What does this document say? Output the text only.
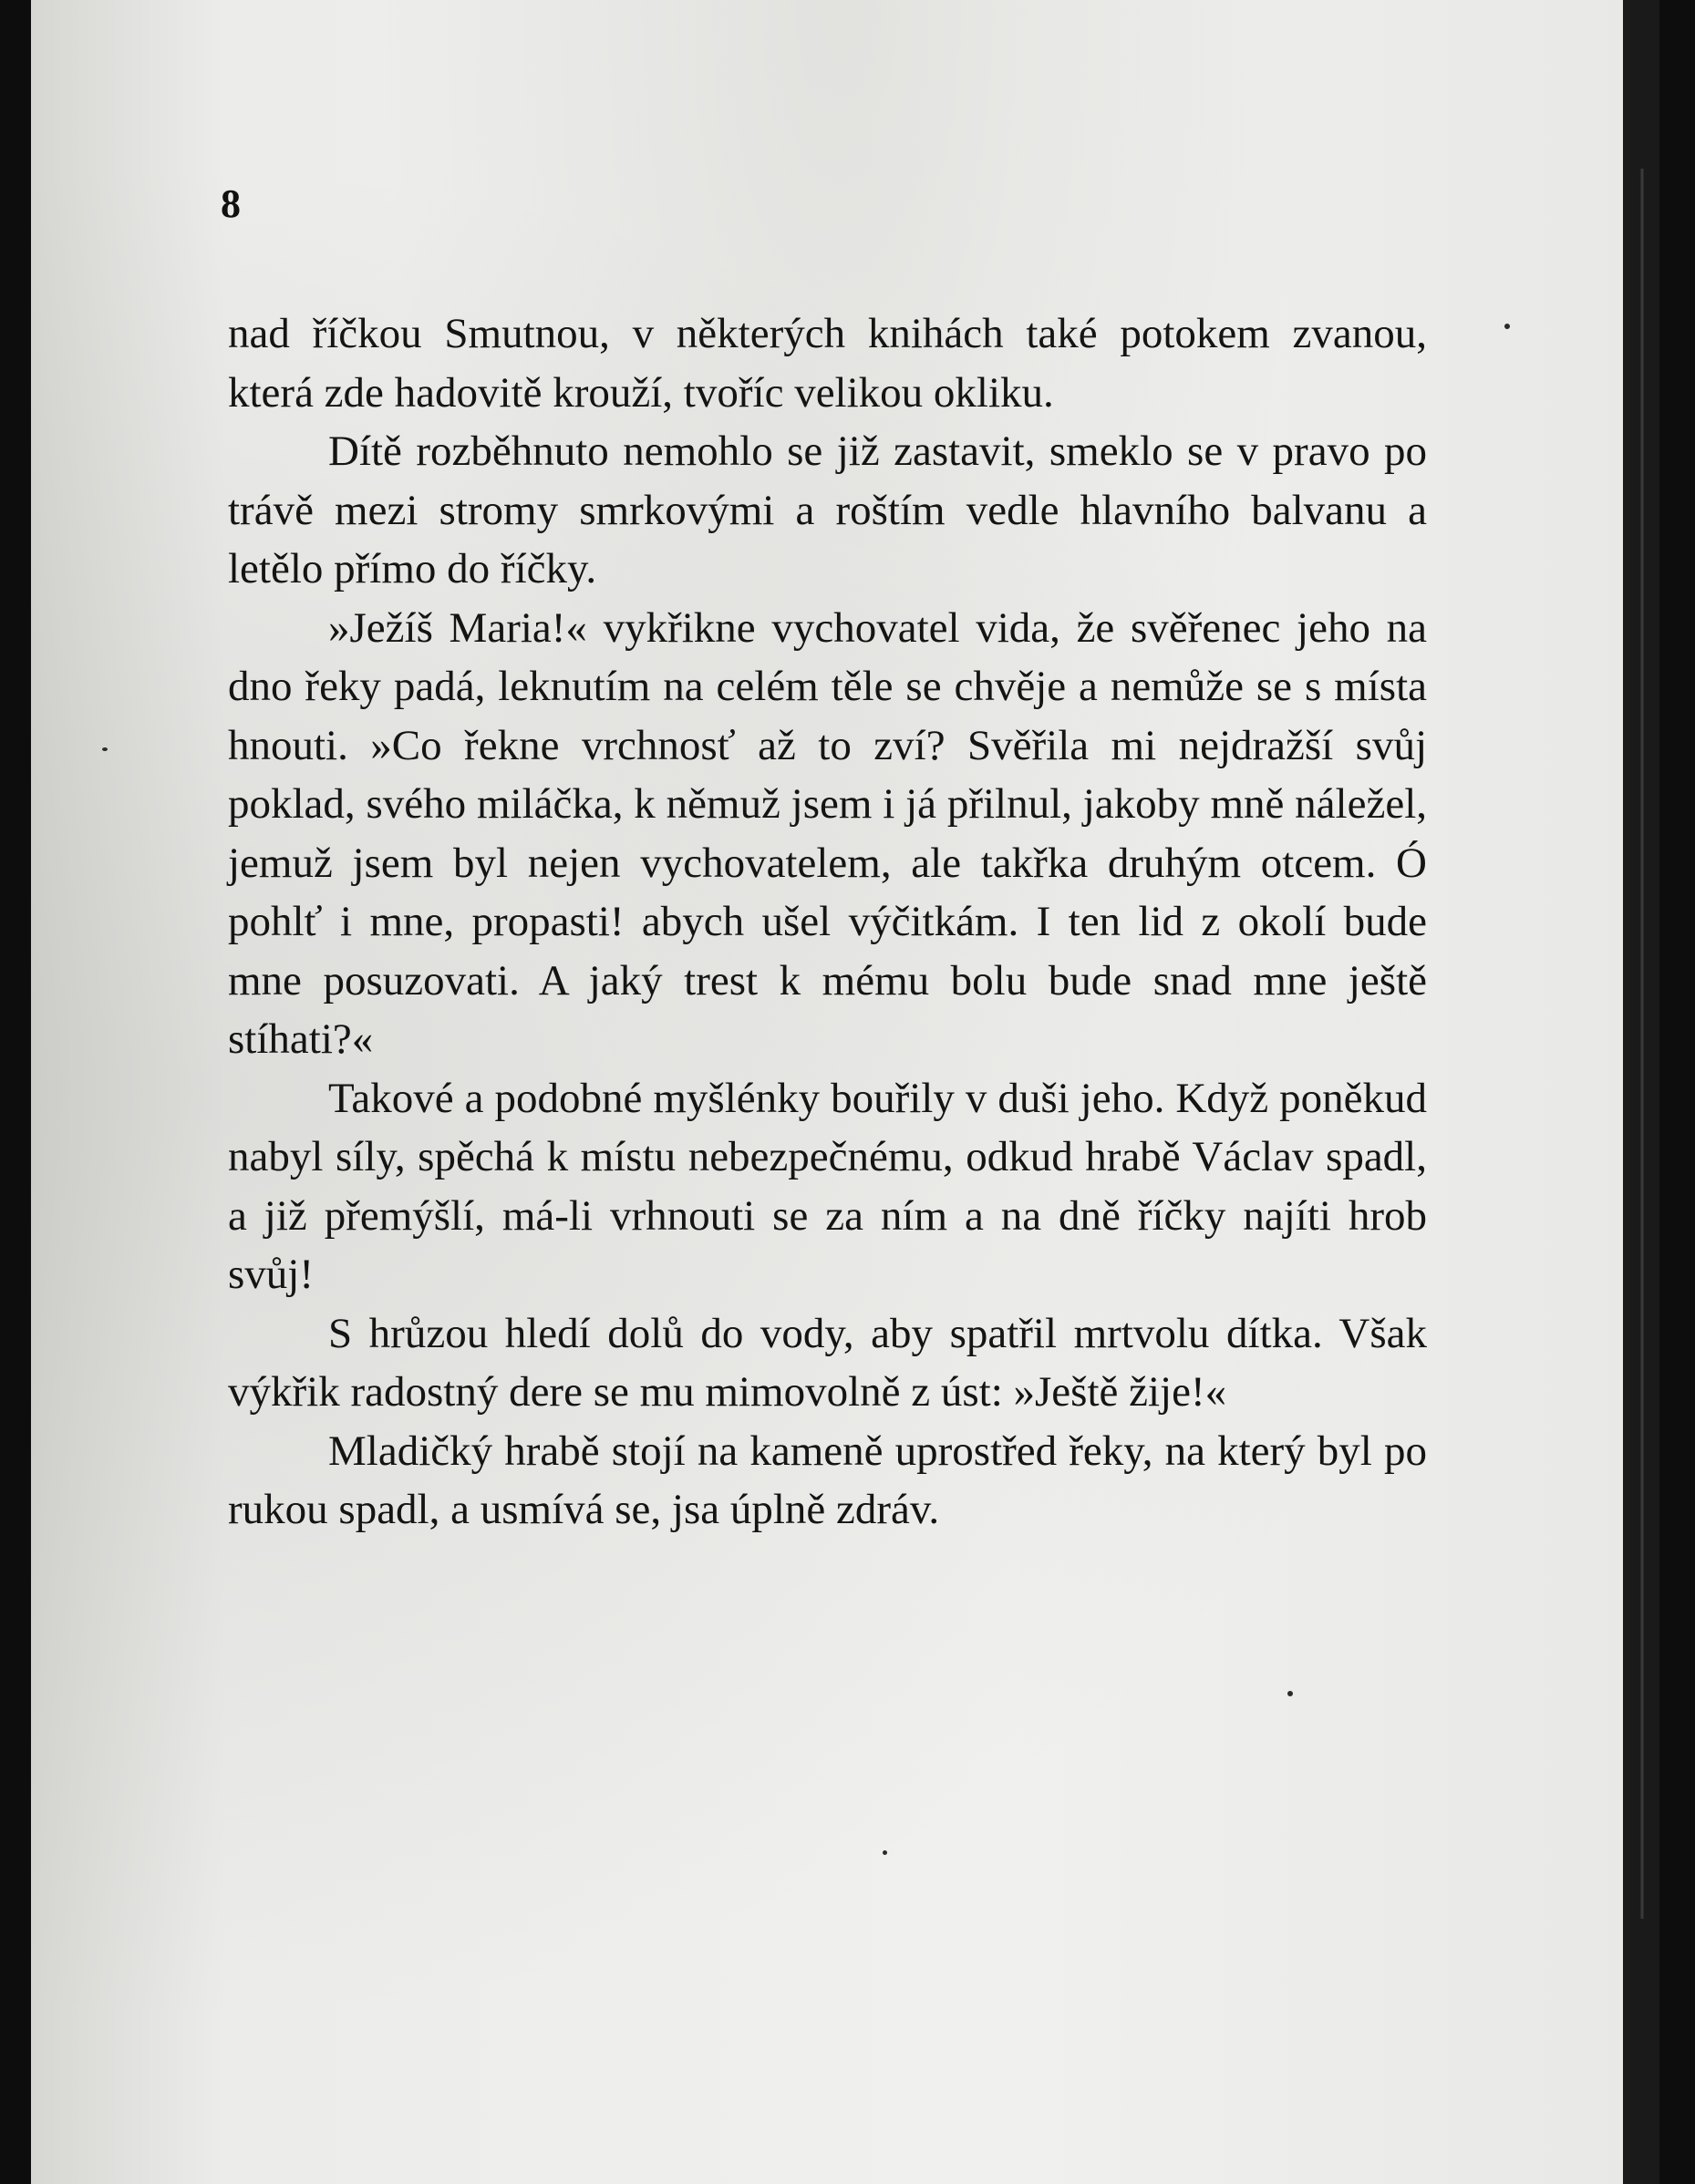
8

nad říčkou Smutnou, v některých knihách také potokem zvanou, která zde hadovitě krouží, tvoříc velikou okliku.

Dítě rozběhnuto nemohlo se již zastavit, smeklo se v pravo po trávě mezi stromy smrkovými a roštím vedle hlavního balvanu a letělo přímo do říčky.

»Ježíš Maria!« vykřikne vychovatel vida, že svěřenec jeho na dno řeky padá, leknutím na celém těle se chvěje a nemůže se s místa hnouti. »Co řekne vrchnosť až to zví? Svěřila mi nejdražší svůj poklad, svého miláčka, k němuž jsem i já přilnul, jakoby mně náležel, jemuž jsem byl nejen vychovatelem, ale takřka druhým otcem. Ó pohlť i mne, propasti! abych ušel výčitkám. I ten lid z okolí bude mne posuzovati. A jaký trest k mému bolu bude snad mne ještě stíhati?«

Takové a podobné myšlénky bouřily v duši jeho. Když poněkud nabyl síly, spěchá k místu nebezpečnému, odkud hrabě Václav spadl, a již přemýšlí, má-li vrhnouti se za ním a na dně říčky najíti hrob svůj!

S hrůzou hledí dolů do vody, aby spatřil mrtvolu dítka. Však výkřik radostný dere se mu mimovolně z úst: »Ještě žije!«

Mladičký hrabě stojí na kameně uprostřed řeky, na který byl po rukou spadl, a usmívá se, jsa úplně zdráv.
